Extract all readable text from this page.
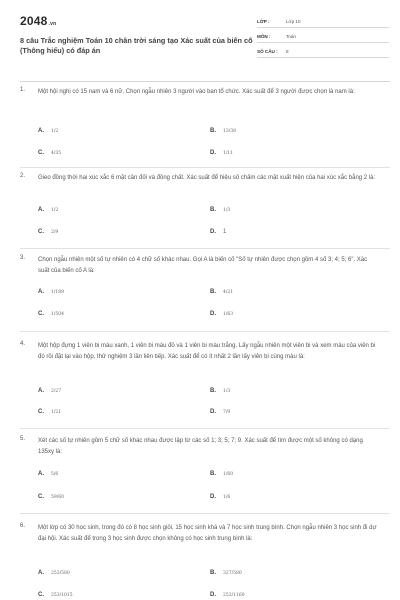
2048.vn
8 câu Trắc nghiệm Toán 10 chân trời sáng tạo Xác suất của biến cố (Thông hiểu) có đáp án
LỚP :	Lớp 10
MÔN :	Toán
SỐ CÂU :	8
1. Một hội nghị có 15 nam và 6 nữ. Chọn ngẫu nhiên 3 người vào ban tổ chức. Xác suất để 3 người được chọn là nam là:
A.	1/2	B.	13/38
C.	4/35	D.	1/11
2. Gieo đồng thời hai xúc xắc 6 mặt cân đối và đồng chất. Xác suất để hiệu số chấm các mặt xuất hiện của hai xúc xắc bằng 2 là:
A.	1/2	B.	1/3
C.	2/9	D.	1
3. Chọn ngẫu nhiên một số tự nhiên có 4 chữ số khác nhau. Gọi A là biến cố "Số tự nhiên được chọn gồm 4 số 3; 4; 5; 6". Xác suất của biến cố A là:
A.	1/189	B.	4/21
C.	1/504	D.	1/63
4. Một hộp đựng 1 viên bi màu xanh, 1 viên bi màu đỏ và 1 viên bi màu trắng. Lấy ngẫu nhiên một viên bi và xem màu của viên bi đó rồi đặt lại vào hộp, thử nghiệm 3 lần liên tiếp. Xác suất để có ít nhất 2 lần lấy viên bi cùng màu là:
A.	2/27	B.	1/3
C.	1/21	D.	7/9
5. Xét các số tự nhiên gồm 5 chữ số khác nhau được lập từ các số 1; 3; 5; 7; 9. Xác suất để tìm được một số không có dạng 135xy là:
A.	5/6	B.	1/60
C.	59/60	D.	1/6
6. Một lớp có 30 học sinh, trong đó có 8 học sinh giỏi, 15 học sinh khá và 7 học sinh trung bình. Chọn ngẫu nhiên 3 học sinh đi dự đại hội. Xác suất để trong 3 học sinh được chọn không có học sinh trung bình là:
A.	253/580	B.	327/580
C.	253/1015	D.	253/1160
